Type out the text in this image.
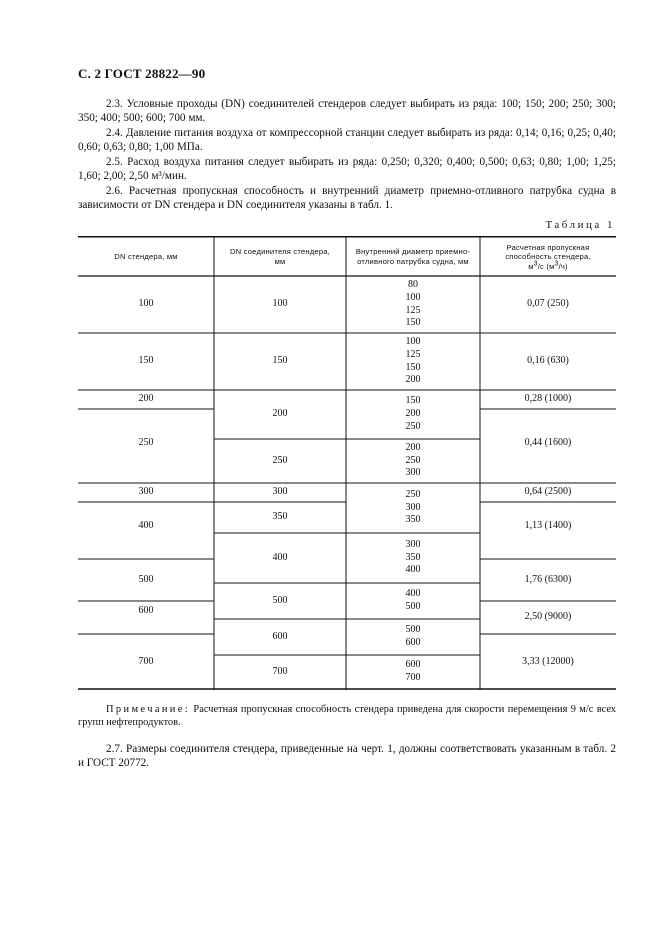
С. 2 ГОСТ 28822—90

2.3. Условные проходы (DN) соединителей стендеров следует выбирать из ряда: 100; 150; 200; 250; 300; 350; 400; 500; 600; 700 мм.

2.4. Давление питания воздуха от компрессорной станции следует выбирать из ряда: 0,14; 0,16; 0,25; 0,40; 0,60; 0,63; 0,80; 1,00 МПа.

2.5. Расход воздуха питания следует выбирать из ряда: 0,250; 0,320; 0,400; 0,500; 0,63; 0,80; 1,00; 1,25; 1,60; 2,00; 2,50 м³/мин.

2.6. Расчетная пропускная способность и внутренний диаметр приемно-отливного патрубка судна в зависимости от DN стендера и DN соединителя указаны в табл. 1.

Таблица 1
DN стендера, мм
DN соединителя стендера, мм
Внутренний диаметр приемно-отливного патрубка судна, мм
Расчетная пропускная способность стендера,
м3/с (м3/ч)
100
150
200
250
300
400
500
600
700
100
150
200
250
300
350
400
500
600
700
80
100
125
150
100
125
150
200
150
200
250
200
250
300
250
300
350
300
350
400
400
500
500
600
600
700
0,07 (250)
0,16 (630)
0,28 (1000)
0,44 (1600)
0,64 (2500)
1,13 (1400)
1,76 (6300)
2,50 (9000)
3,33 (12000)

Примечание: Расчетная пропускная способность стендера приведена для скорости перемещения 9 м/с всех групп нефтепродуктов.

2.7. Размеры соединителя стендера, приведенные на черт. 1, должны соответствовать указанным в табл. 2 и ГОСТ 20772.
